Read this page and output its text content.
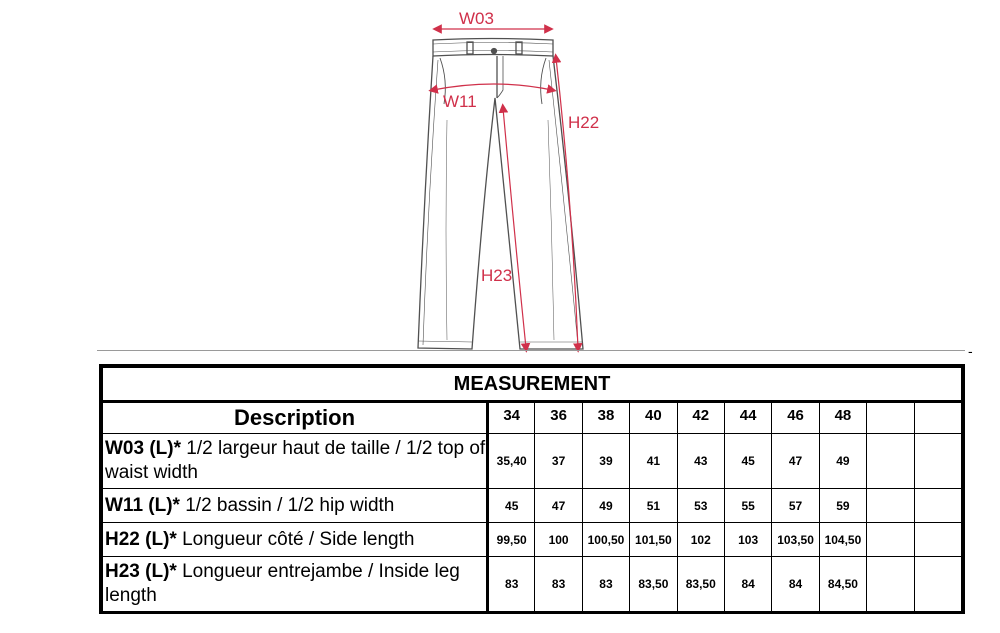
W03
W11
H22
H23
-
MEASUREMENT										
Description	34	36	38	40	42	44	46	48		
W03 (L)* 1/2 largeur haut de taille / 1/2 top of waist width	35,40	37	39	41	43	45	47	49		
W11 (L)* 1/2 bassin / 1/2 hip width	45	47	49	51	53	55	57	59		
H22 (L)* Longueur côté / Side length	99,50	100	100,50	101,50	102	103	103,50	104,50		
H23 (L)* Longueur entrejambe / Inside leg length	83	83	83	83,50	83,50	84	84	84,50		
